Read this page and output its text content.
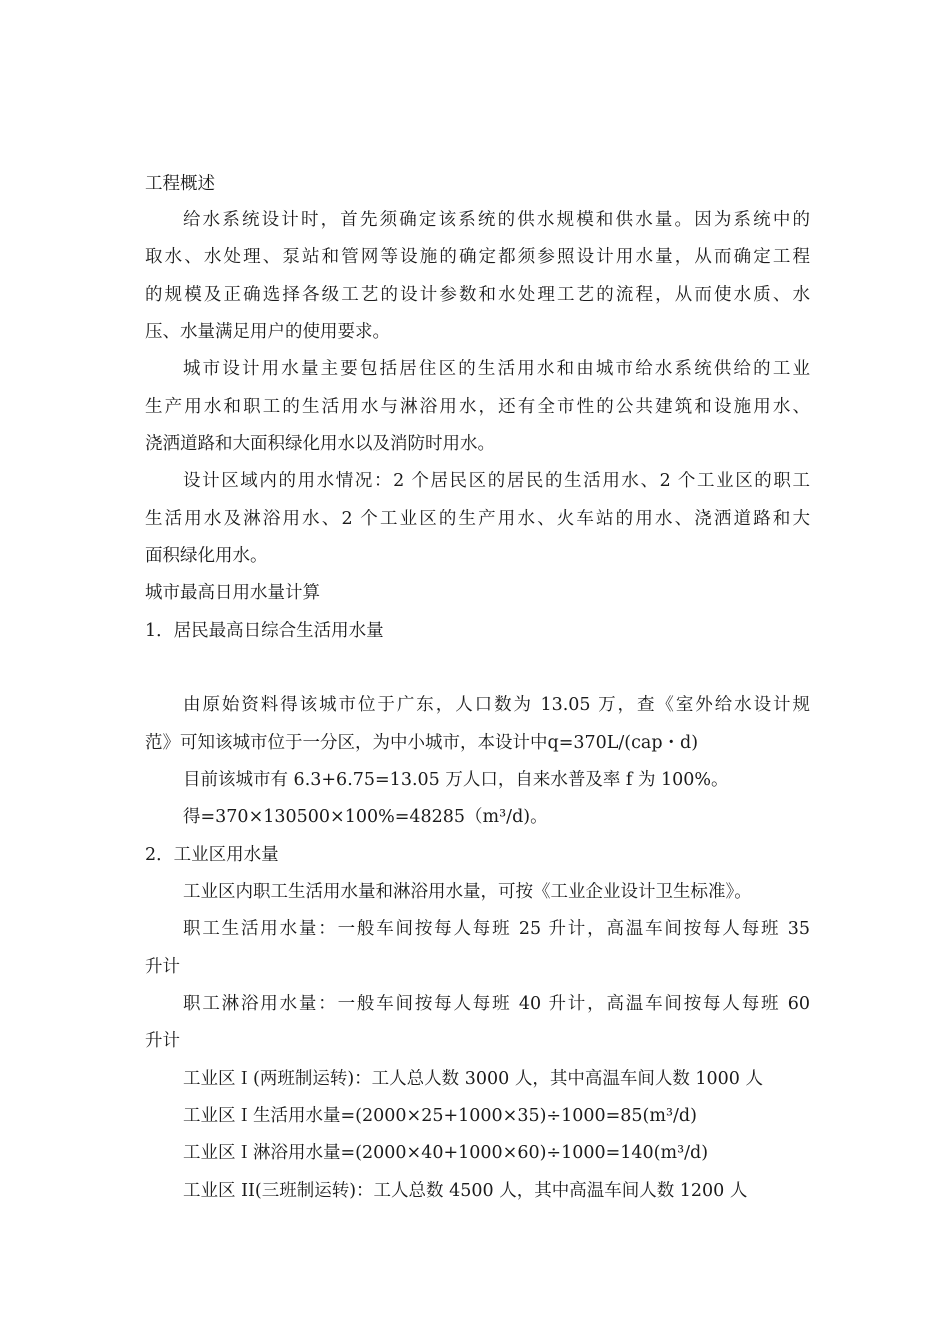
工程概述
给水系统设计时，首先须确定该系统的供水规模和供水量。因为系统中的
取水、水处理、泵站和管网等设施的确定都须参照设计用水量，从而确定工程
的规模及正确选择各级工艺的设计参数和水处理工艺的流程，从而使水质、水
压、水量满足用户的使用要求。
城市设计用水量主要包括居住区的生活用水和由城市给水系统供给的工业
生产用水和职工的生活用水与淋浴用水，还有全市性的公共建筑和设施用水、
浇洒道路和大面积绿化用水以及消防时用水。
设计区域内的用水情况：2 个居民区的居民的生活用水、2 个工业区的职工
生活用水及淋浴用水、2 个工业区的生产用水、火车站的用水、浇洒道路和大
面积绿化用水。
城市最高日用水量计算
1．居民最高日综合生活用水量
由原始资料得该城市位于广东，人口数为 13.05 万，查《室外给水设计规
范》可知该城市位于一分区，为中小城市，本设计中q=370L/(cap・d)
目前该城市有 6.3+6.75=13.05 万人口，自来水普及率 f 为 100%。
得=370×130500×100%=48285（m³/d)。
2．工业区用水量
工业区内职工生活用水量和淋浴用水量，可按《工业企业设计卫生标准》。
职工生活用水量：一般车间按每人每班 25 升计，高温车间按每人每班 35
升计
职工淋浴用水量：一般车间按每人每班 40 升计，高温车间按每人每班 60
升计
工业区Ｉ(两班制运转)：工人总人数 3000 人，其中高温车间人数 1000 人
工业区Ｉ生活用水量=(2000×25+1000×35)÷1000=85(m³/d)
工业区Ｉ淋浴用水量=(2000×40+1000×60)÷1000=140(m³/d)
工业区 II(三班制运转)：工人总数 4500 人，其中高温车间人数 1200 人
